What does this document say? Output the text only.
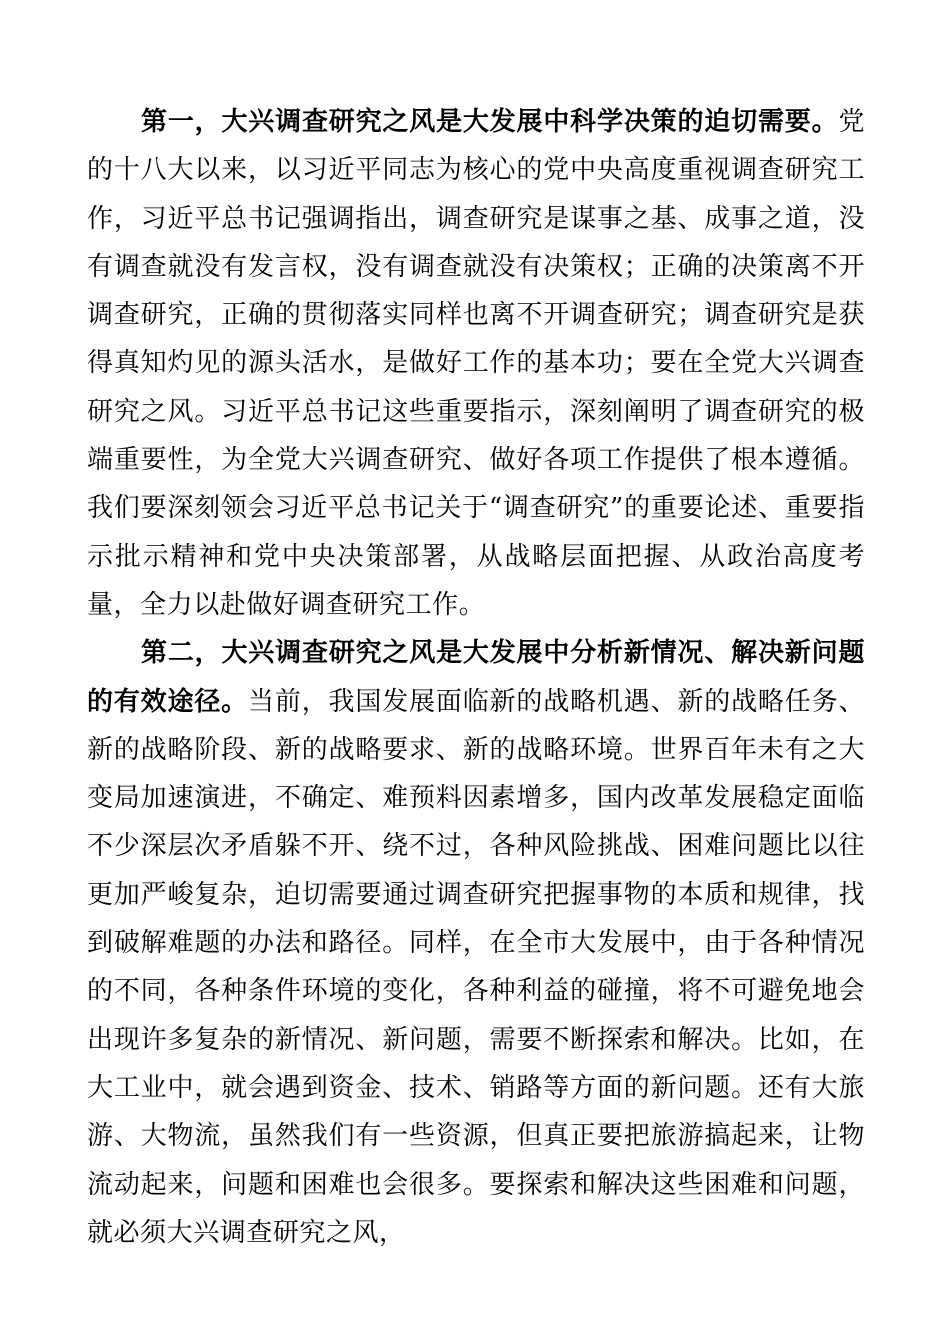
第一，大兴调查研究之风是大发展中科学决策的迫切需要。党的十八大以来，以习近平同志为核心的党中央高度重视调查研究工作，习近平总书记强调指出，调查研究是谋事之基、成事之道，没有调查就没有发言权，没有调查就没有决策权；正确的决策离不开调查研究，正确的贯彻落实同样也离不开调查研究；调查研究是获得真知灼见的源头活水，是做好工作的基本功；要在全党大兴调查研究之风。习近平总书记这些重要指示，深刻阐明了调查研究的极端重要性，为全党大兴调查研究、做好各项工作提供了根本遵循。我们要深刻领会习近平总书记关于“调查研究”的重要论述、重要指示批示精神和党中央决策部署，从战略层面把握、从政治高度考量，全力以赴做好调查研究工作。

第二，大兴调查研究之风是大发展中分析新情况、解决新问题的有效途径。当前，我国发展面临新的战略机遇、新的战略任务、新的战略阶段、新的战略要求、新的战略环境。世界百年未有之大变局加速演进，不确定、难预料因素增多，国内改革发展稳定面临不少深层次矛盾躲不开、绕不过，各种风险挑战、困难问题比以往更加严峻复杂，迫切需要通过调查研究把握事物的本质和规律，找到破解难题的办法和路径。同样，在全市大发展中，由于各种情况的不同，各种条件环境的变化，各种利益的碰撞，将不可避免地会出现许多复杂的新情况、新问题，需要不断探索和解决。比如，在大工业中，就会遇到资金、技术、销路等方面的新问题。还有大旅游、大物流，虽然我们有一些资源，但真正要把旅游搞起来，让物流动起来，问题和困难也会很多。要探索和解决这些困难和问题，就必须大兴调查研究之风，
